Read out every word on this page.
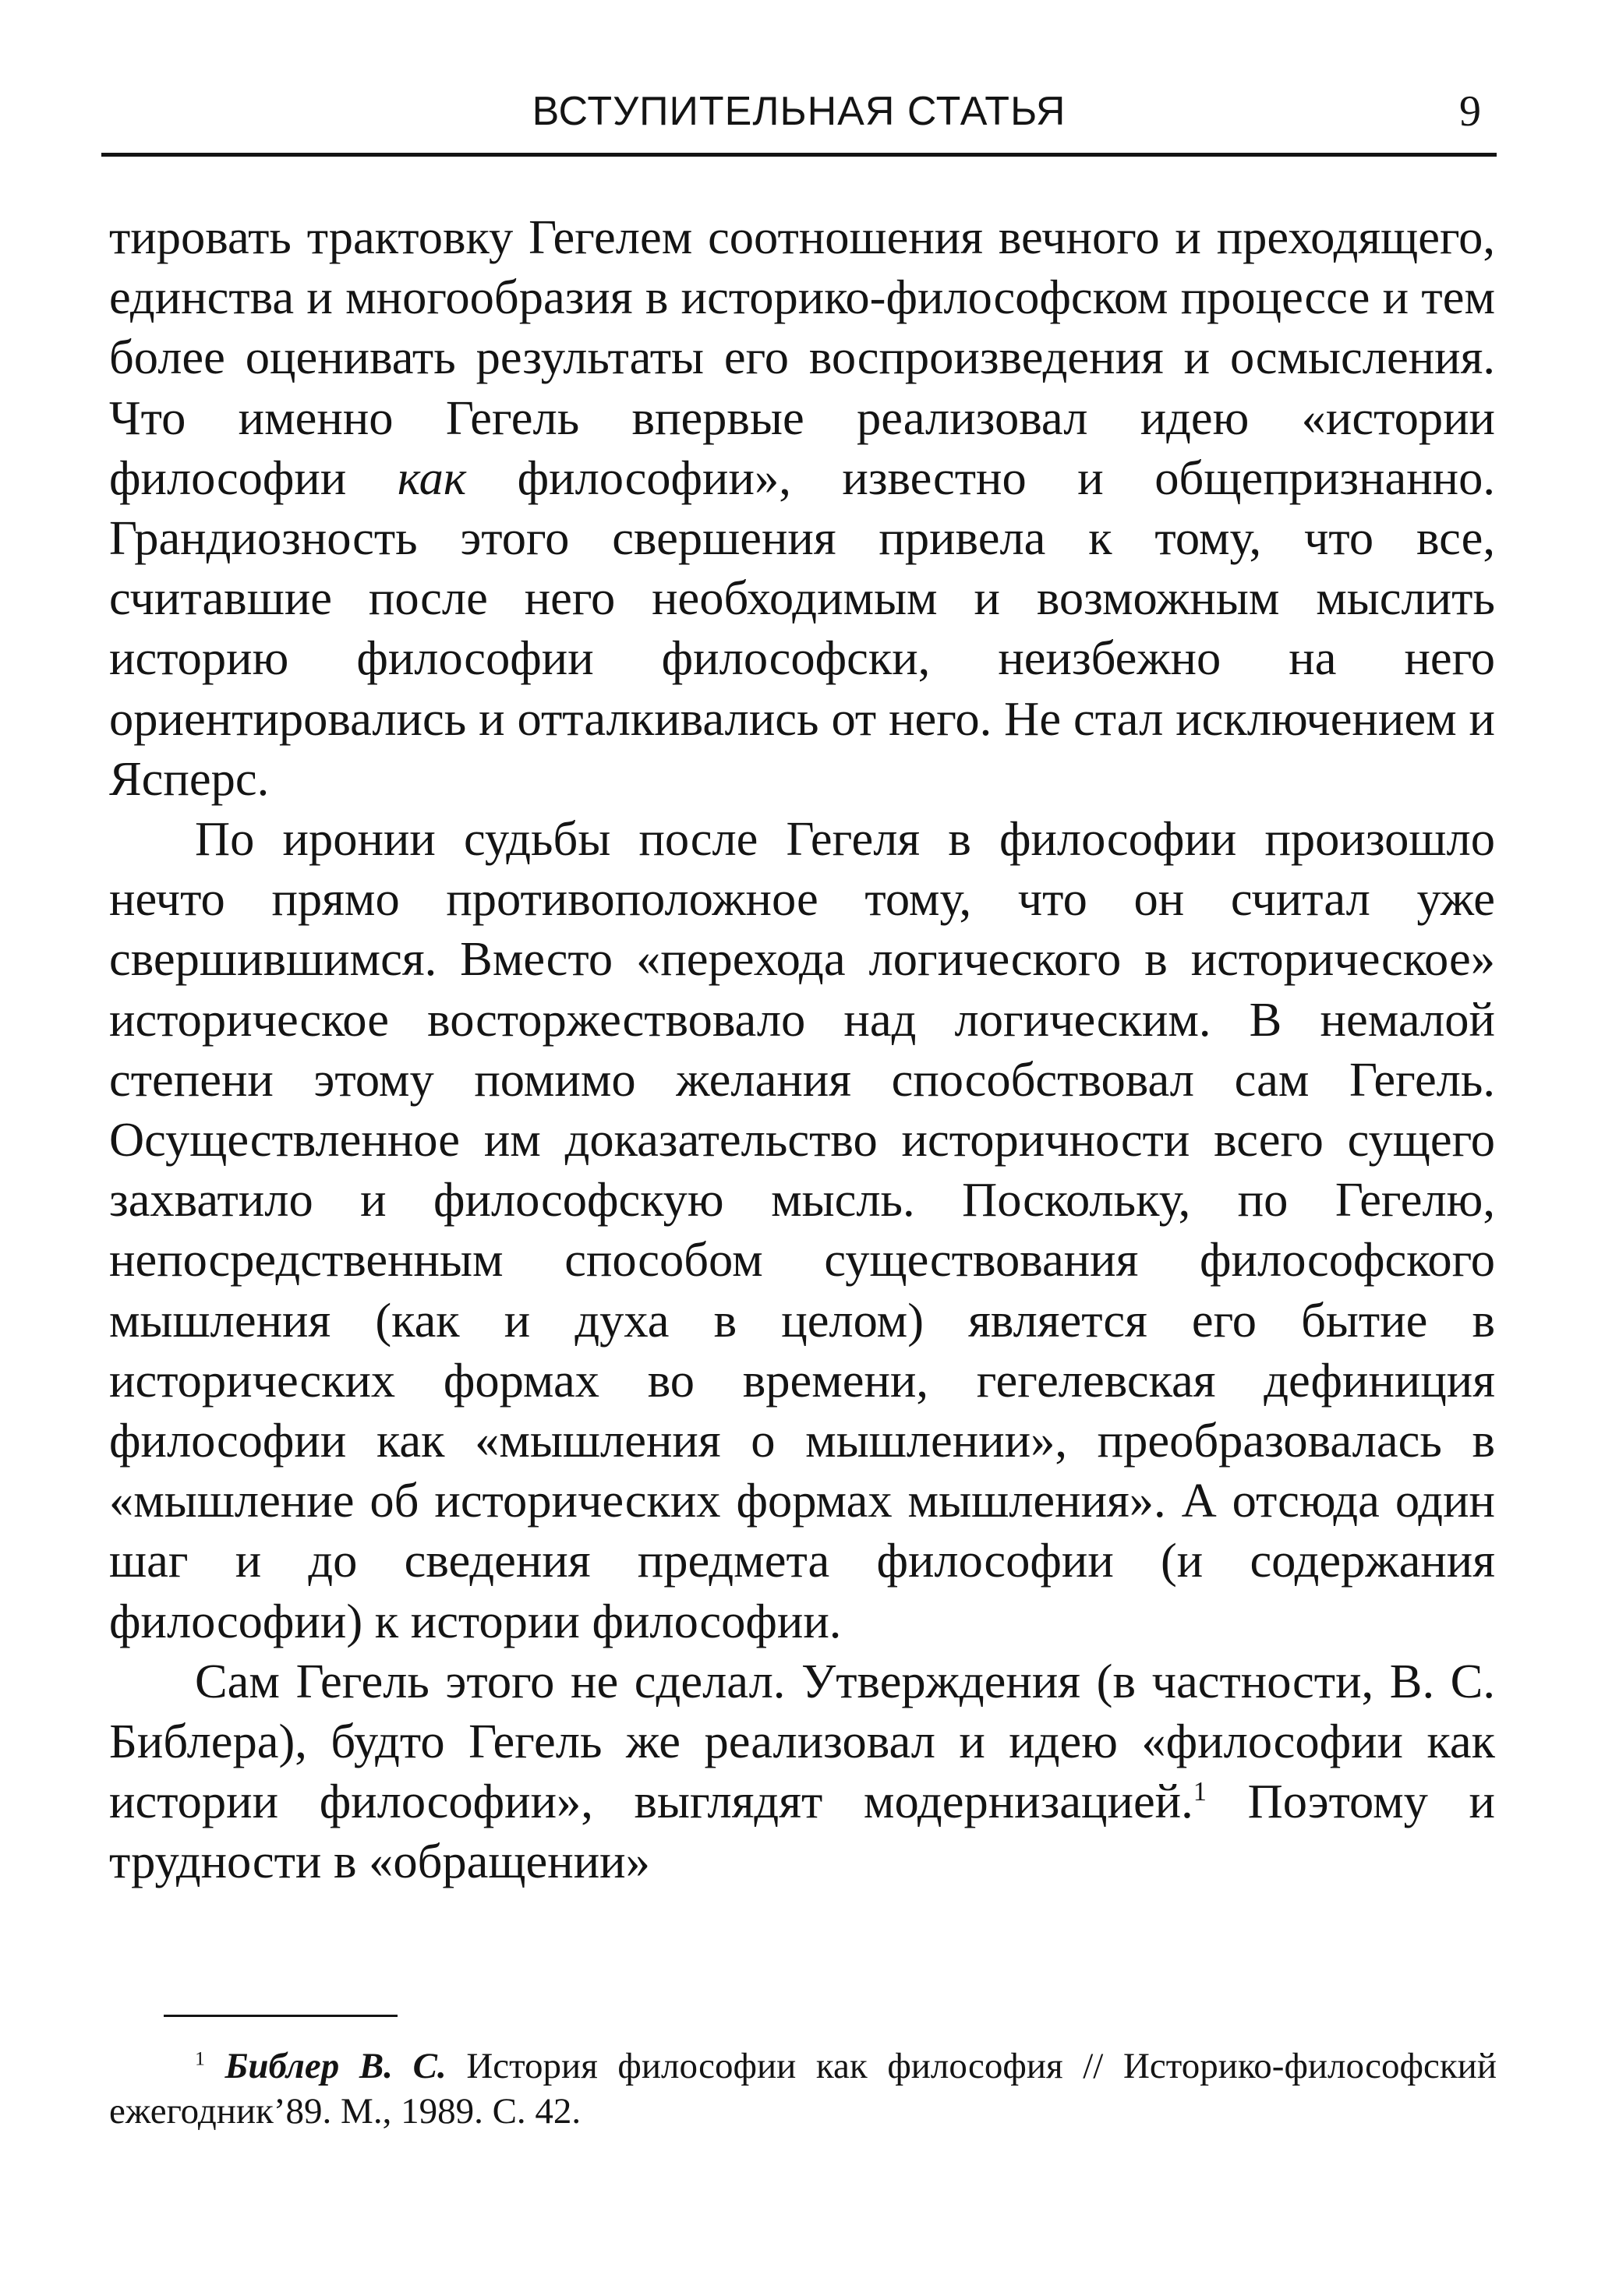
ВСТУПИТЕЛЬНАЯ СТАТЬЯ	9

тировать трактовку Гегелем соотношения вечного и преходящего, единства и многообразия в историко-философском процессе и тем более оценивать результаты его воспроизведения и осмысления. Что именно Гегель впервые реализовал идею «истории философии как философии», известно и общепризнанно. Грандиозность этого свершения привела к тому, что все, считавшие после него необходимым и возможным мыслить историю философии философски, неизбежно на него ориентировались и отталкивались от него. Не стал исключением и Ясперс.

По иронии судьбы после Гегеля в философии произошло нечто прямо противоположное тому, что он считал уже свершившимся. Вместо «перехода логического в историческое» историческое восторжествовало над логическим. В немалой степени этому помимо желания способствовал сам Гегель. Осуществленное им доказательство историчности всего сущего захватило и философскую мысль. Поскольку, по Гегелю, непосредственным способом существования философского мышления (как и духа в целом) является его бытие в исторических формах во времени, гегелевская дефиниция философии как «мышления о мышлении», преобразовалась в «мышление об исторических формах мышления». А отсюда один шаг и до сведения предмета философии (и содержания философии) к истории философии.

Сам Гегель этого не сделал. Утверждения (в частности, В. С. Библера), будто Гегель же реализовал и идею «философии как истории философии», выглядят модернизацией.$^1$ Поэтому и трудности в «обращении»

$^1$ Библер В. С. История философии как философия // Историко-философский ежегодник’89. М., 1989. С. 42.
